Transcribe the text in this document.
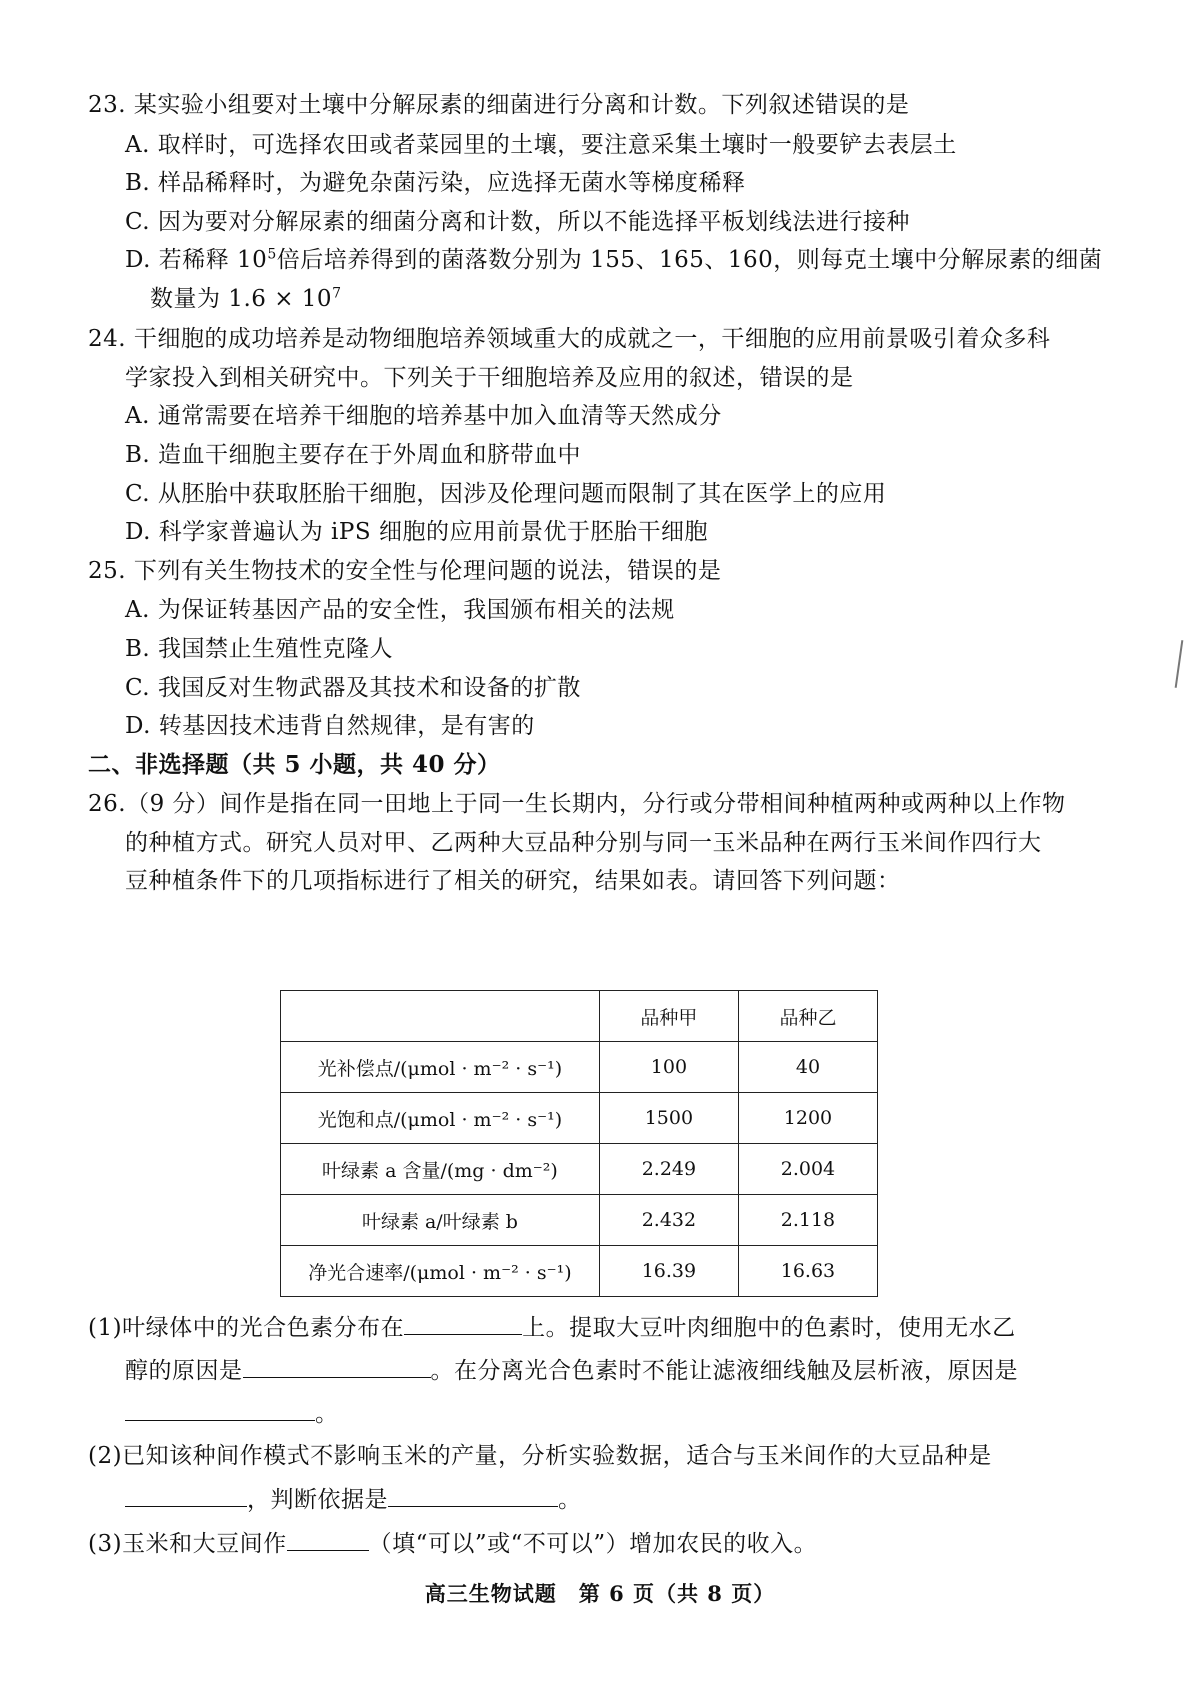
23. 某实验小组要对土壤中分解尿素的细菌进行分离和计数。下列叙述错误的是
A. 取样时，可选择农田或者菜园里的土壤，要注意采集土壤时一般要铲去表层土
B. 样品稀释时，为避免杂菌污染，应选择无菌水等梯度稀释
C. 因为要对分解尿素的细菌分离和计数，所以不能选择平板划线法进行接种
D. 若稀释 $10^5$倍后培养得到的菌落数分别为 155、165、160，则每克土壤中分解尿素的细菌
数量为 $1.6 \times 10^7$
24. 干细胞的成功培养是动物细胞培养领域重大的成就之一，干细胞的应用前景吸引着众多科
学家投入到相关研究中。下列关于干细胞培养及应用的叙述，错误的是
A. 通常需要在培养干细胞的培养基中加入血清等天然成分
B. 造血干细胞主要存在于外周血和脐带血中
C. 从胚胎中获取胚胎干细胞，因涉及伦理问题而限制了其在医学上的应用
D. 科学家普遍认为 iPS 细胞的应用前景优于胚胎干细胞
25. 下列有关生物技术的安全性与伦理问题的说法，错误的是
A. 为保证转基因产品的安全性，我国颁布相关的法规
B. 我国禁止生殖性克隆人
C. 我国反对生物武器及其技术和设备的扩散
D. 转基因技术违背自然规律，是有害的
二、非选择题（共 5 小题，共 40 分）
26.（9 分）间作是指在同一田地上于同一生长期内，分行或分带相间种植两种或两种以上作物
的种植方式。研究人员对甲、乙两种大豆品种分别与同一玉米品种在两行玉米间作四行大
豆种植条件下的几项指标进行了相关的研究，结果如表。请回答下列问题：
	品种甲	品种乙
光补偿点/(μmol · m⁻² · s⁻¹)	100	40
光饱和点/(μmol · m⁻² · s⁻¹)	1500	1200
叶绿素 a 含量/(mg · dm⁻²)	2.249	2.004
叶绿素 a/叶绿素 b	2.432	2.118
净光合速率/(μmol · m⁻² · s⁻¹)	16.39	16.63
(1)叶绿体中的光合色素分布在	上。提取大豆叶肉细胞中的色素时，使用无水乙
醇的原因是	。在分离光合色素时不能让滤液细线触及层析液，原因是
。
(2)已知该种间作模式不影响玉米的产量，分析实验数据，适合与玉米间作的大豆品种是
，判断依据是	。
(3)玉米和大豆间作	（填“可以”或“不可以”）增加农民的收入。
高三生物试题　第 6 页（共 8 页）
